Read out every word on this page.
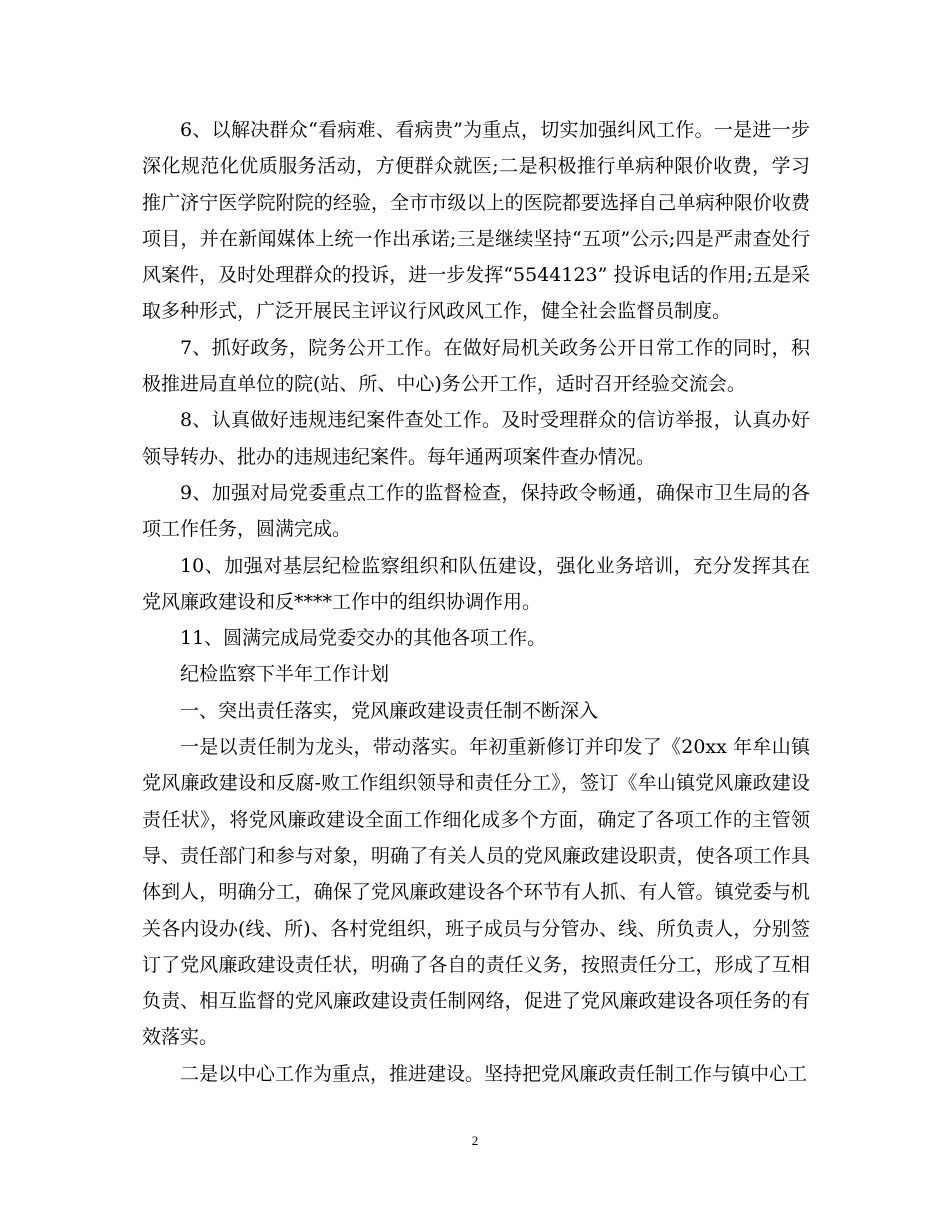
6、以解决群众“看病难、看病贵”为重点，切实加强纠风工作。一是进一步深化规范化优质服务活动，方便群众就医;二是积极推行单病种限价收费，学习推广济宁医学院附院的经验，全市市级以上的医院都要选择自己单病种限价收费项目，并在新闻媒体上统一作出承诺;三是继续坚持“五项”公示;四是严肃查处行风案件，及时处理群众的投诉，进一步发挥“5544123” 投诉电话的作用;五是采取多种形式，广泛开展民主评议行风政风工作，健全社会监督员制度。

7、抓好政务，院务公开工作。在做好局机关政务公开日常工作的同时，积极推进局直单位的院(站、所、中心)务公开工作，适时召开经验交流会。

8、认真做好违规违纪案件查处工作。及时受理群众的信访举报，认真办好领导转办、批办的违规违纪案件。每年通两项案件查办情况。

9、加强对局党委重点工作的监督检查，保持政令畅通，确保市卫生局的各项工作任务，圆满完成。

10、加强对基层纪检监察组织和队伍建设，强化业务培训，充分发挥其在党风廉政建设和反****工作中的组织协调作用。

11、圆满完成局党委交办的其他各项工作。

纪检监察下半年工作计划

一、突出责任落实，党风廉政建设责任制不断深入

一是以责任制为龙头，带动落实。年初重新修订并印发了《20xx 年牟山镇党风廉政建设和反腐-败工作组织领导和责任分工》，签订《牟山镇党风廉政建设责任状》，将党风廉政建设全面工作细化成多个方面，确定了各项工作的主管领导、责任部门和参与对象，明确了有关人员的党风廉政建设职责，使各项工作具体到人，明确分工，确保了党风廉政建设各个环节有人抓、有人管。镇党委与机关各内设办(线、所)、各村党组织，班子成员与分管办、线、所负责人，分别签订了党风廉政建设责任状，明确了各自的责任义务，按照责任分工，形成了互相负责、相互监督的党风廉政建设责任制网络，促进了党风廉政建设各项任务的有效落实。

二是以中心工作为重点，推进建设。坚持把党风廉政责任制工作与镇中心工

2
